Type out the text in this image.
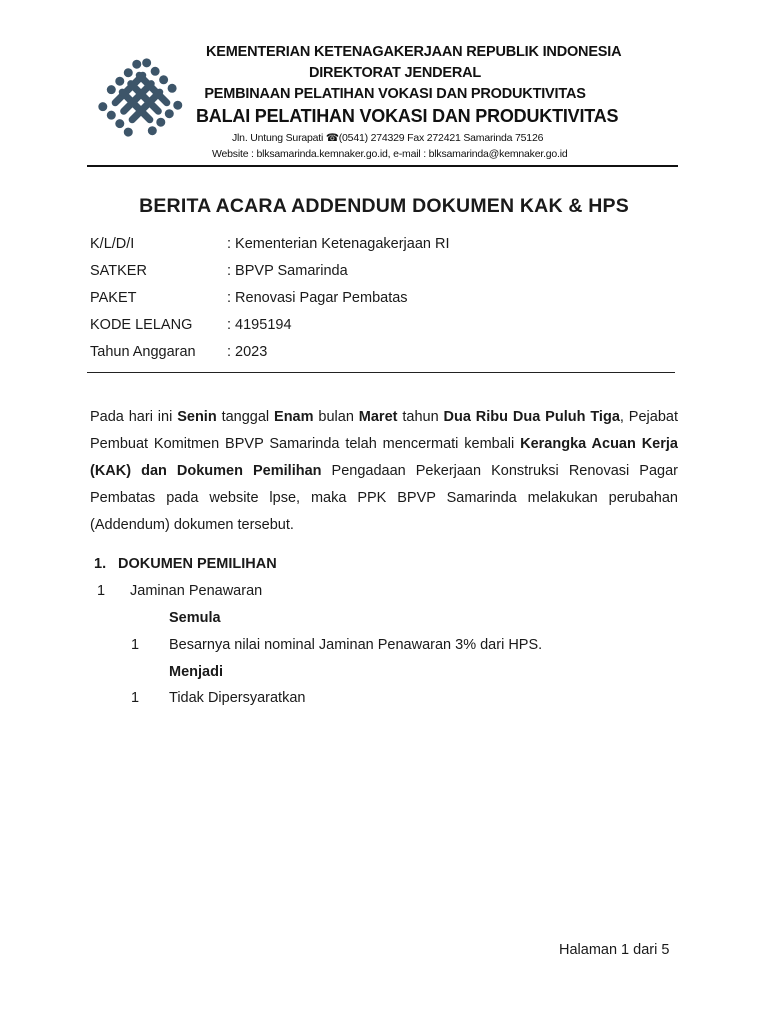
KEMENTERIAN KETENAGAKERJAAN REPUBLIK INDONESIA
DIREKTORAT JENDERAL
PEMBINAAN PELATIHAN VOKASI DAN PRODUKTIVITAS
BALAI PELATIHAN VOKASI DAN PRODUKTIVITAS
Jln. Untung Surapati ☎(0541) 274329 Fax 272421 Samarinda 75126
Website : blksamarinda.kemnaker.go.id, e-mail : blksamarinda@kemnaker.go.id
BERITA ACARA ADDENDUM DOKUMEN KAK & HPS
K/L/D/I	: Kementerian Ketenagakerjaan RI
SATKER	: BPVP Samarinda
PAKET	: Renovasi Pagar Pembatas
KODE LELANG : 4195194
Tahun Anggaran : 2023
Pada hari ini Senin tanggal Enam bulan Maret tahun Dua Ribu Dua Puluh Tiga, Pejabat Pembuat Komitmen BPVP Samarinda telah mencermati kembali Kerangka Acuan Kerja (KAK) dan Dokumen Pemilihan Pengadaan Pekerjaan Konstruksi Renovasi Pagar Pembatas pada website lpse, maka PPK BPVP Samarinda melakukan perubahan (Addendum) dokumen tersebut.
1. DOKUMEN PEMILIHAN
1 Jaminan Penawaran
Semula
1 Besarnya nilai nominal Jaminan Penawaran 3% dari HPS.
Menjadi
1 Tidak Dipersyaratkan
Halaman 1 dari 5
